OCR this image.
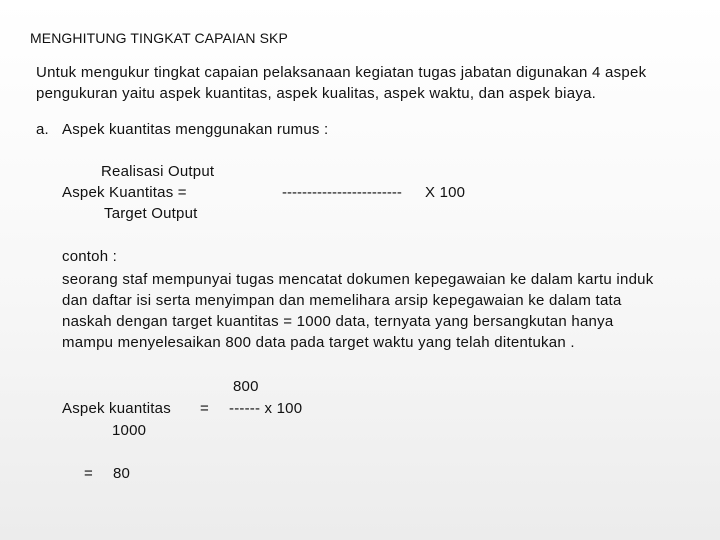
MENGHITUNG TINGKAT CAPAIAN SKP
Untuk mengukur tingkat capaian pelaksanaan kegiatan tugas jabatan digunakan 4 aspek
pengukuran yaitu aspek kuantitas, aspek kualitas, aspek waktu, dan aspek biaya.
a. Aspek kuantitas menggunakan rumus :
Realisasi Output
Aspek Kuantitas =	------------------------ X 100
Target Output
contoh :
seorang staf mempunyai tugas mencatat dokumen kepegawaian ke dalam kartu induk
dan daftar isi serta menyimpan dan memelihara arsip kepegawaian ke dalam tata
naskah dengan target kuantitas = 1000 data, ternyata yang bersangkutan hanya
mampu menyelesaikan 800 data pada target waktu yang telah ditentukan .
800
Aspek kuantitas = ------ x 100
1000
= 80
